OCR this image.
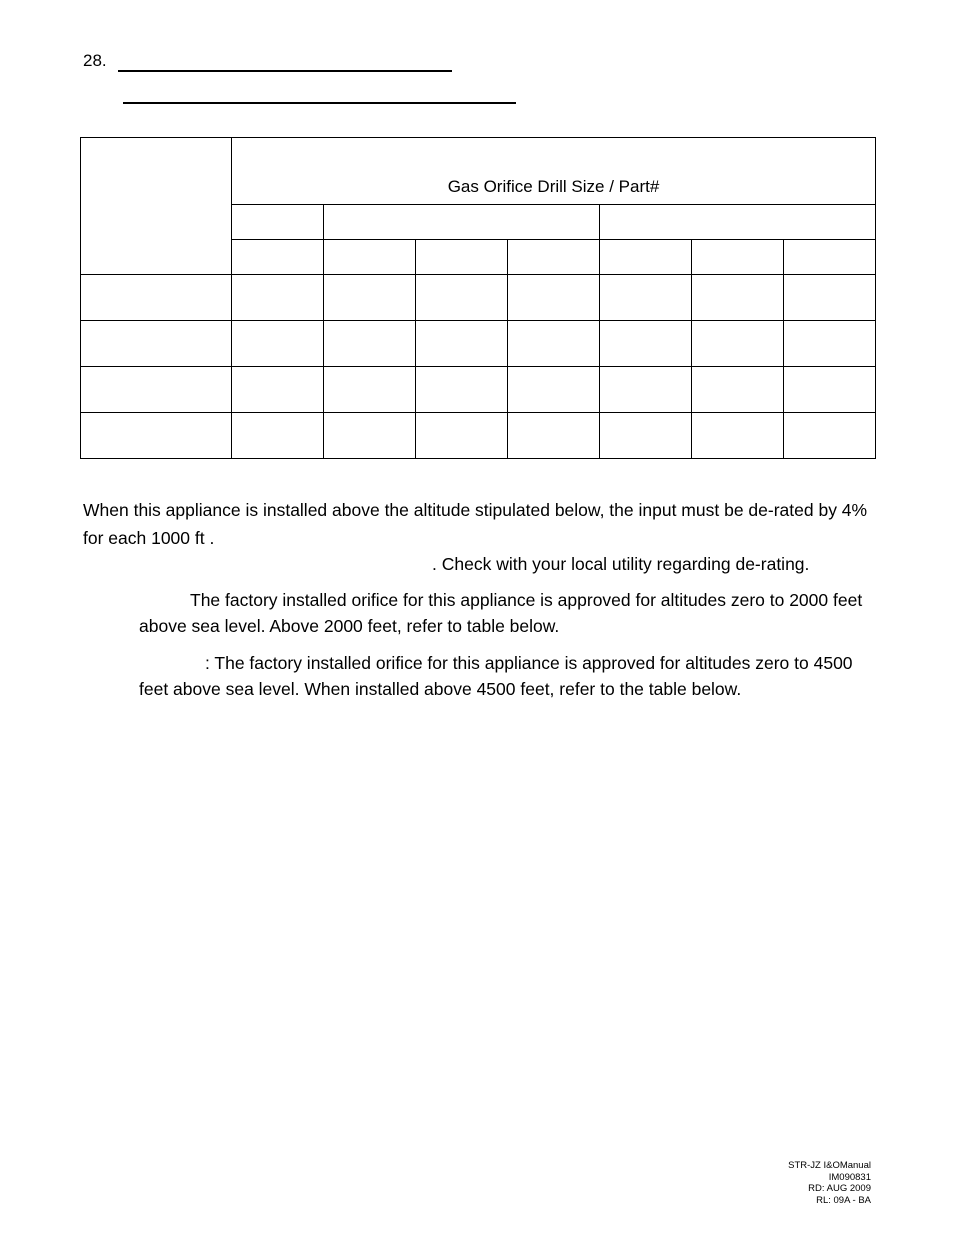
28.
	Gas Orifice Drill Size / Part#						

When this appliance is installed above the altitude stipulated below, the input must be de-rated by 4% for each 1000 ft .
. Check with your local utility regarding de-rating.
The factory installed orifice for this appliance is approved for altitudes zero to 2000 feet above sea level. Above 2000 feet, refer to table below.
: The factory installed orifice for this appliance is approved for altitudes zero to 4500 feet above sea level. When installed above 4500 feet, refer to the table below.
STR-JZ I&OManual
IM090831
RD: AUG 2009
RL: 09A - BA
